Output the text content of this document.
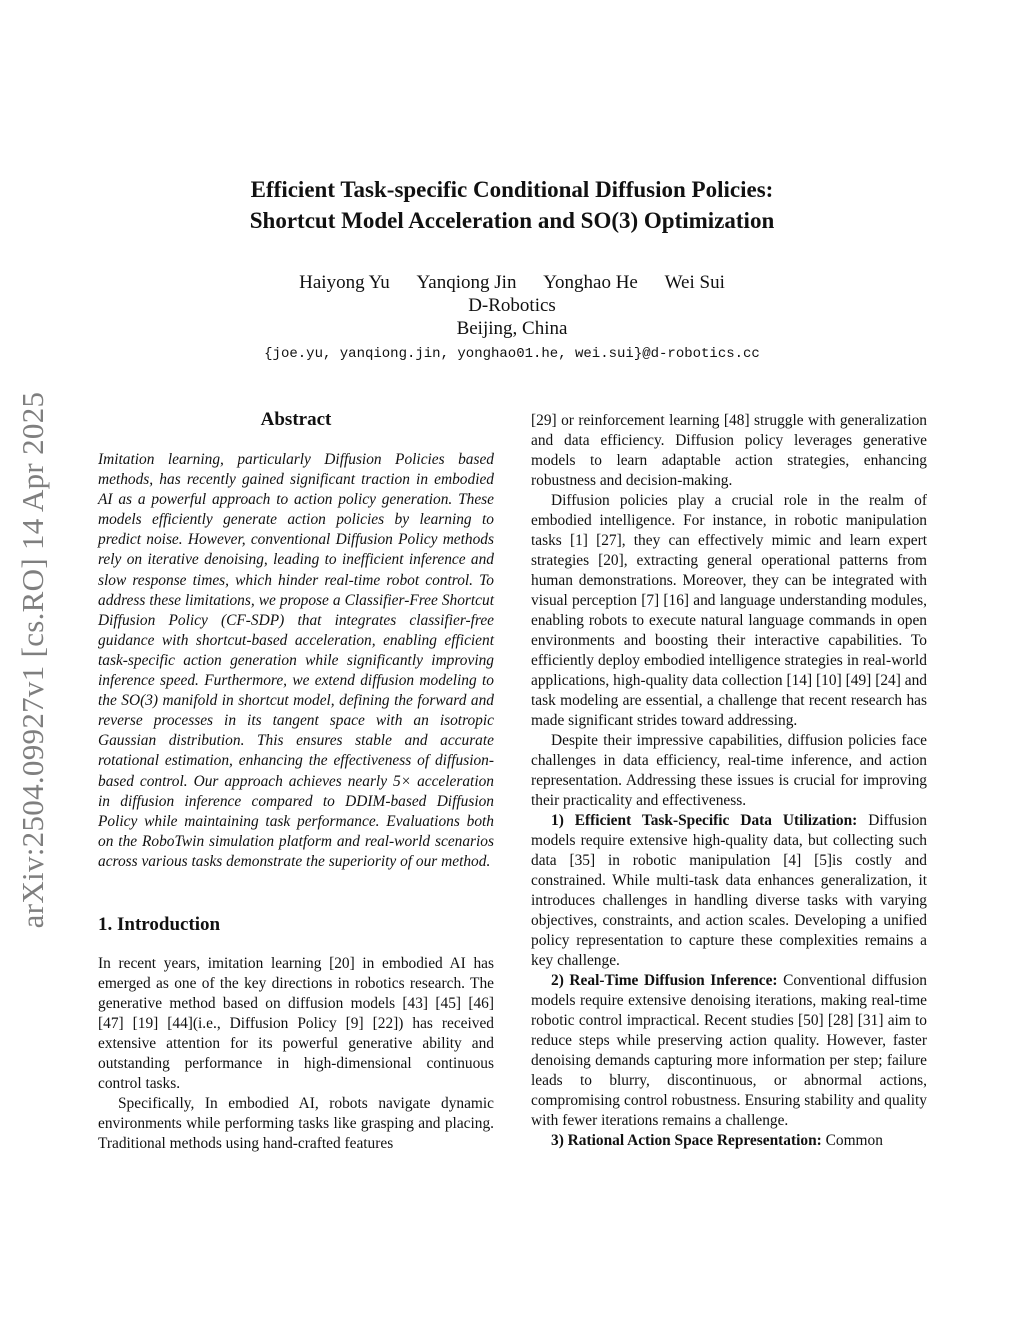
arXiv:2504.09927v1 [cs.RO] 14 Apr 2025
Efficient Task-specific Conditional Diffusion Policies:
Shortcut Model Acceleration and SO(3) Optimization
Haiyong Yu Yanqiong Jin Yonghao He Wei Sui
D-Robotics
Beijing, China
{joe.yu, yanqiong.jin, yonghao01.he, wei.sui}@d-robotics.cc
Abstract

Imitation learning, particularly Diffusion Policies based methods, has recently gained significant traction in embodied AI as a powerful approach to action policy generation. These models efficiently generate action policies by learning to predict noise. However, conventional Diffusion Policy methods rely on iterative denoising, leading to inefficient inference and slow response times, which hinder real-time robot control. To address these limitations, we propose a Classifier-Free Shortcut Diffusion Policy (CF-SDP) that integrates classifier-free guidance with shortcut-based acceleration, enabling efficient task-specific action generation while significantly improving inference speed. Furthermore, we extend diffusion modeling to the SO(3) manifold in shortcut model, defining the forward and reverse processes in its tangent space with an isotropic Gaussian distribution. This ensures stable and accurate rotational estimation, enhancing the effectiveness of diffusion-based control. Our approach achieves nearly 5× acceleration in diffusion inference compared to DDIM-based Diffusion Policy while maintaining task performance. Evaluations both on the RoboTwin simulation platform and real-world scenarios across various tasks demonstrate the superiority of our method.

1. Introduction

In recent years, imitation learning [20] in embodied AI has emerged as one of the key directions in robotics research. The generative method based on diffusion models [43] [45] [46] [47] [19] [44](i.e., Diffusion Policy [9] [22]) has received extensive attention for its powerful generative ability and outstanding performance in high-dimensional continuous control tasks.

Specifically, In embodied AI, robots navigate dynamic environments while performing tasks like grasping and placing. Traditional methods using hand-crafted features

[29] or reinforcement learning [48] struggle with generalization and data efficiency. Diffusion policy leverages generative models to learn adaptable action strategies, enhancing robustness and decision-making.

Diffusion policies play a crucial role in the realm of embodied intelligence. For instance, in robotic manipulation tasks [1] [27], they can effectively mimic and learn expert strategies [20], extracting general operational patterns from human demonstrations. Moreover, they can be integrated with visual perception [7] [16] and language understanding modules, enabling robots to execute natural language commands in open environments and boosting their interactive capabilities. To efficiently deploy embodied intelligence strategies in real-world applications, high-quality data collection [14] [10] [49] [24] and task modeling are essential, a challenge that recent research has made significant strides toward addressing.

Despite their impressive capabilities, diffusion policies face challenges in data efficiency, real-time inference, and action representation. Addressing these issues is crucial for improving their practicality and effectiveness.

1) Efficient Task-Specific Data Utilization: Diffusion models require extensive high-quality data, but collecting such data [35] in robotic manipulation [4] [5]is costly and constrained. While multi-task data enhances generalization, it introduces challenges in handling diverse tasks with varying objectives, constraints, and action scales. Developing a unified policy representation to capture these complexities remains a key challenge.

2) Real-Time Diffusion Inference: Conventional diffusion models require extensive denoising iterations, making real-time robotic control impractical. Recent studies [50] [28] [31] aim to reduce steps while preserving action quality. However, faster denoising demands capturing more information per step; failure leads to blurry, discontinuous, or abnormal actions, compromising control robustness. Ensuring stability and quality with fewer iterations remains a challenge.

3) Rational Action Space Representation: Common
